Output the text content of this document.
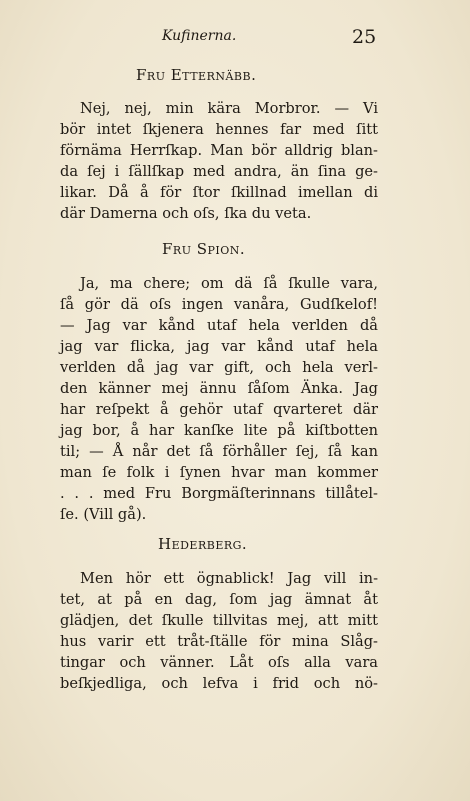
Kufinerna.	25
Fru Etternäbb.
Nej, nej, min kära Morbror. — Vi
bör intet ſkjenera hennes far med ſitt
förnäma Herrſkap. Man bör alldrig blan-
da ſej i ſällſkap med andra, än ſina ge-
likar. Då å för ſtor ſkillnad imellan di
där Damerna och oſs, ſka du veta.
Fru Spion.
Ja, ma chere; om dä ſå ſkulle vara,
ſå gör dä oſs ingen vanåra, Gudſkelof!
— Jag var kånd utaf hela verlden då
jag var flicka, jag var kånd utaf hela
verlden då jag var gift, och hela verl-
den känner mej ännu ſåſom Änka. Jag
har reſpekt å gehör utaf qvarteret där
jag bor, å har kanſke lite på kiſtbotten
til; — Å når det ſå förhåller ſej, ſå kan
man ſe folk i ſynen hvar man kommer
. . . med Fru Borgmäſterinnans tillåtel-
ſe. (Vill gå).
Hederberg.
Men hör ett ögnablick! Jag vill in-
tet, at på en dag, ſom jag ämnat åt
glädjen, det ſkulle tillvitas mej, att mitt
hus varir ett tråt-ſtälle för mina Slåg-
tingar och vänner. Låt oſs alla vara
beſkjedliga, och lefva i frid och nö-
